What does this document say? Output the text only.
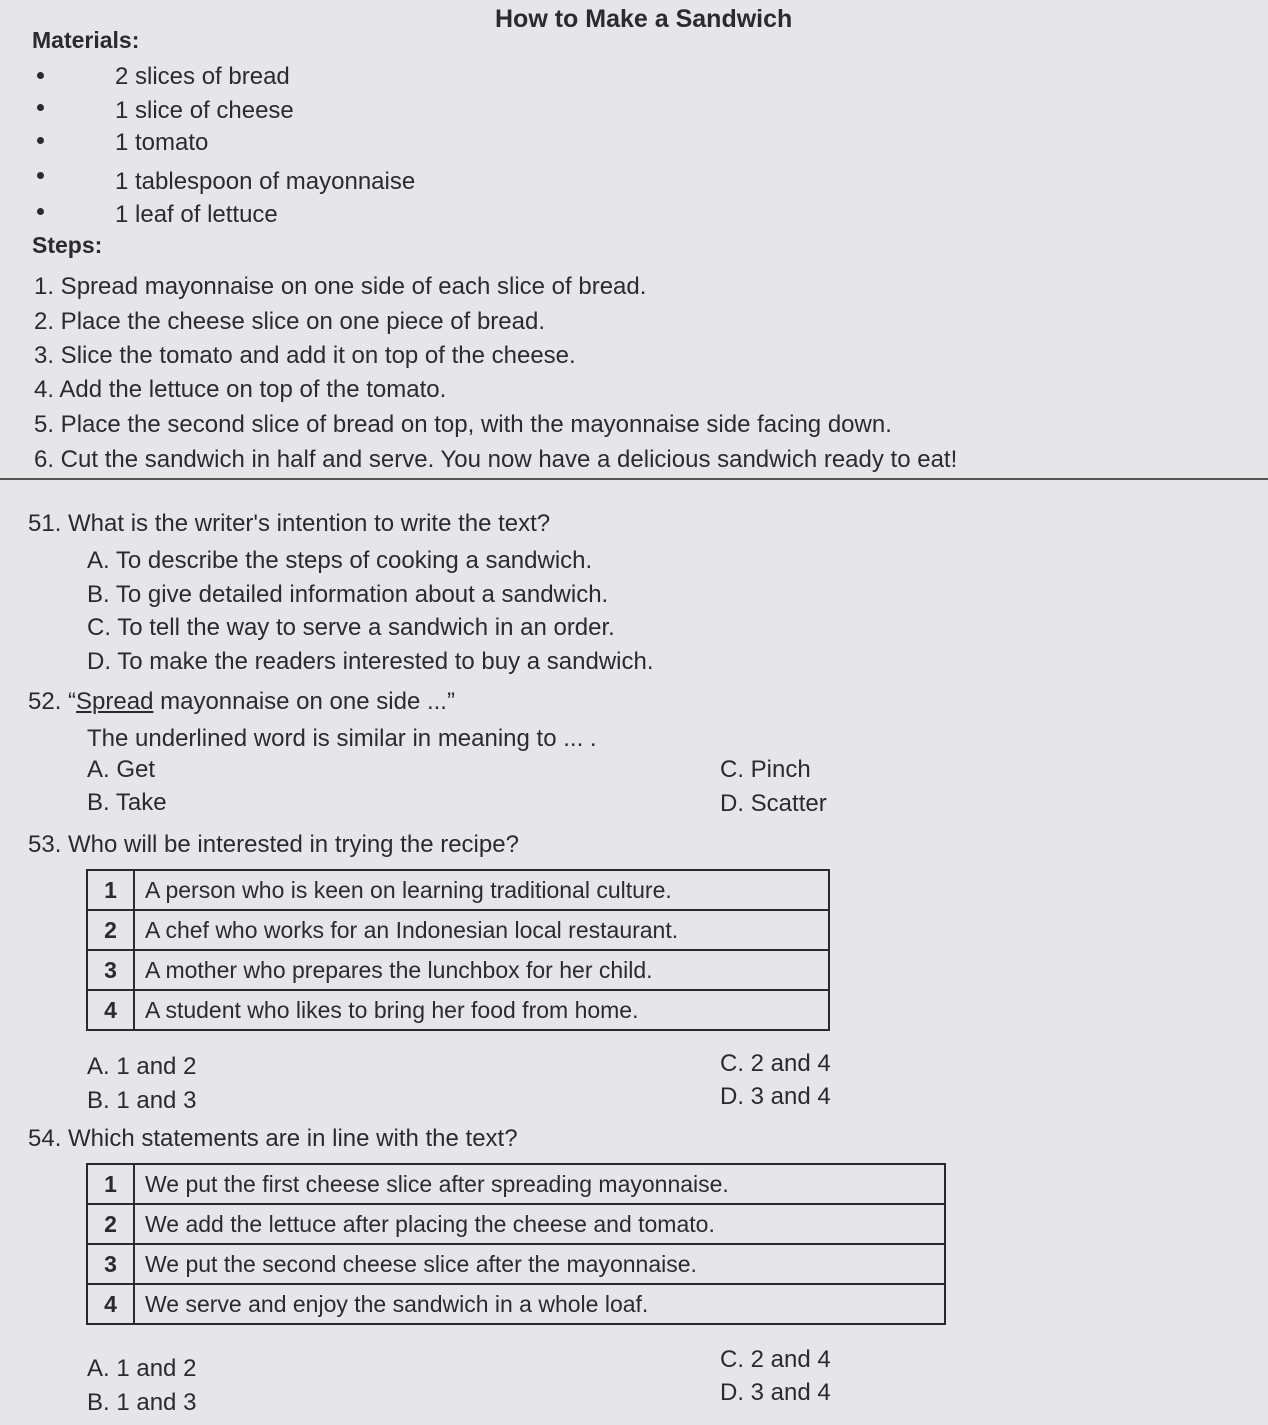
How to Make a Sandwich
Materials:
2 slices of bread
1 slice of cheese
1 tomato
1 tablespoon of mayonnaise
1 leaf of lettuce
Steps:
1. Spread mayonnaise on one side of each slice of bread.
2. Place the cheese slice on one piece of bread.
3. Slice the tomato and add it on top of the cheese.
4. Add the lettuce on top of the tomato.
5. Place the second slice of bread on top, with the mayonnaise side facing down.
6. Cut the sandwich in half and serve. You now have a delicious sandwich ready to eat!
51. What is the writer's intention to write the text?
A. To describe the steps of cooking a sandwich.
B. To give detailed information about a sandwich.
C. To tell the way to serve a sandwich in an order.
D. To make the readers interested to buy a sandwich.
52. “Spread mayonnaise on one side ...”
The underlined word is similar in meaning to ... .
A. Get	C. Pinch
B. Take	D. Scatter
53. Who will be interested in trying the recipe?
1	A person who is keen on learning traditional culture.
2	A chef who works for an Indonesian local restaurant.
3	A mother who prepares the lunchbox for her child.
4	A student who likes to bring her food from home.
A. 1 and 2	C. 2 and 4
B. 1 and 3	D. 3 and 4
54. Which statements are in line with the text?
1	We put the first cheese slice after spreading mayonnaise.
2	We add the lettuce after placing the cheese and tomato.
3	We put the second cheese slice after the mayonnaise.
4	We serve and enjoy the sandwich in a whole loaf.
A. 1 and 2	C. 2 and 4
B. 1 and 3	D. 3 and 4
